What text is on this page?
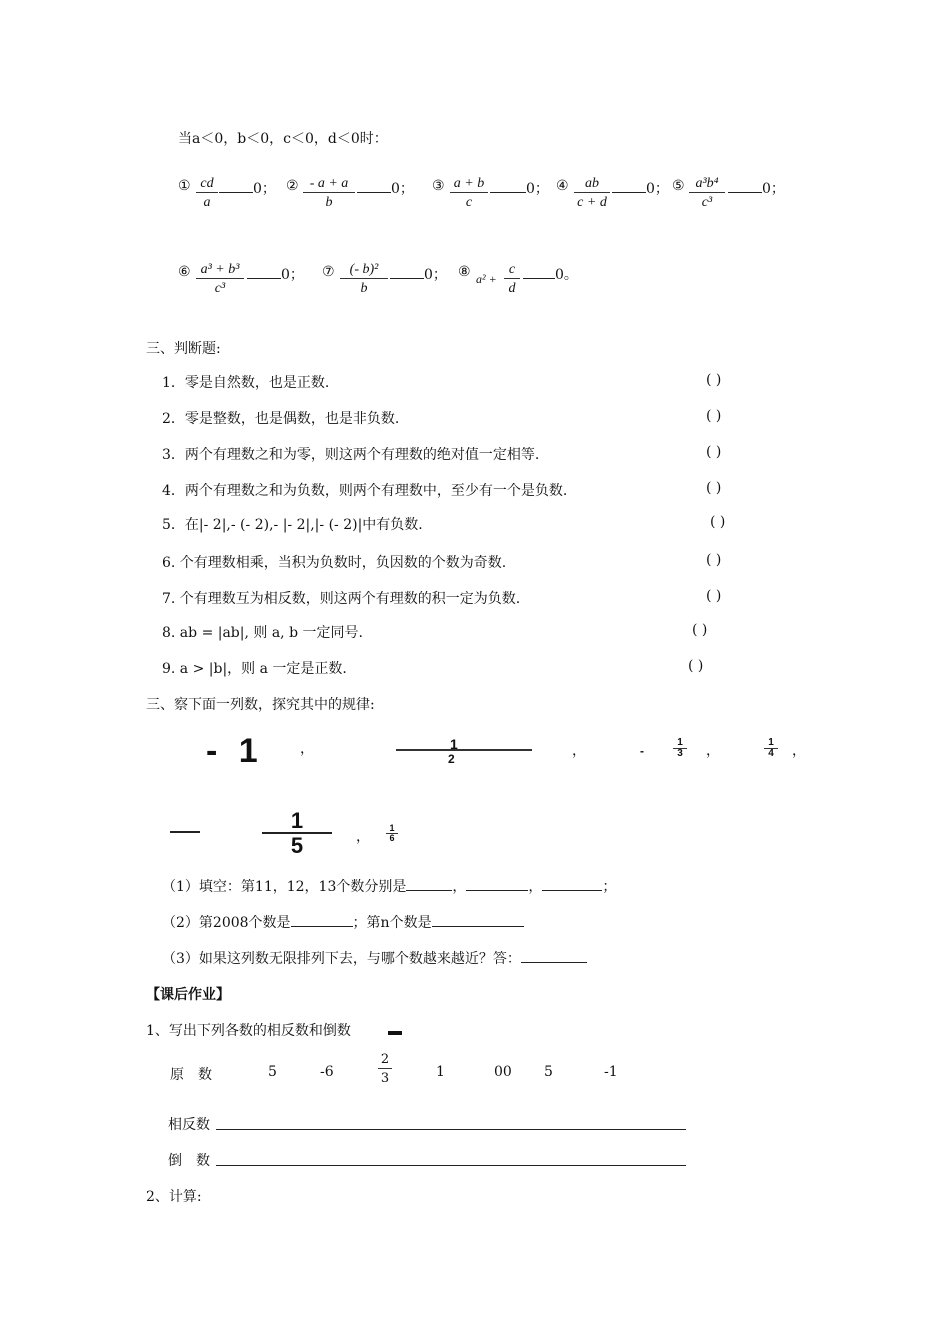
当a＜0，b＜0，c＜0，d＜0时：
① $\frac{cd}{a}$	0； ② $\frac{- a + a}{b}$	0； ③ $\frac{a + b}{c}$	0； ④ $\frac{ab}{c + d}$	0； ⑤ $\frac{\text{a³b⁴}}{\text{c³}}$	0；
⑥ $\frac{\text{a³ + b³}}{\text{c³}}$	0； ⑦ $\frac{\text{(- b)²}}{b}$	0； ⑧ $a^2 + \frac{c}{d}$	0。
三、判断题:
1．零是自然数，也是正数.	( )
2．零是整数，也是偶数，也是非负数.	( )
3．两个有理数之和为零，则这两个有理数的绝对值一定相等.	( )
4．两个有理数之和为负数，则两个有理数中，至少有一个是负数.	( )
5．在|- 2|,- (- 2),- |- 2|,|- (- 2)|中有负数.	( )
6. 个有理数相乘，当积为负数时，负因数的个数为奇数.	( )
7. 个有理数互为相反数，则这两个有理数的积一定为负数.	( )
8. ab = |ab|, 则 a, b 一定同号.	( )
9. a > |b|，则 a 一定是正数.	( )
三、察下面一列数，探究其中的规律:
- 1	，	1
2	，	-	$\frac{1}{3}$ ，	$\frac{1}{4}$ ，
$\frac{1}{5}$ ， $\frac{1}{6}$
（1）填空：第11，12，13个数分别是	，	，	；
（2）第2008个数是	；第n个数是
（3）如果这列数无限排列下去，与哪个数越来越近？答：
【课后作业】
1、写出下列各数的相反数和倒数
原　数	5	-6	$\frac{2}{3}$	1	00 5	-1
相反数
倒　数
2、计算:
